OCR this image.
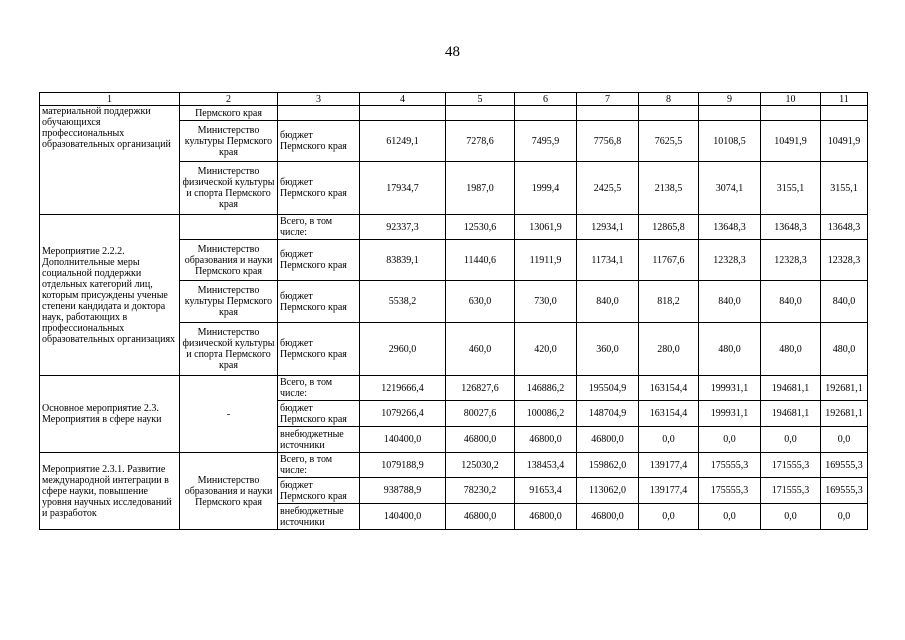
48
1	2	3	4	5	6	7	8	9	10	11
материальной поддержки обучающихся профессиональных образовательных организаций	Пермского края									
	Министерство культуры Пермского края	бюджет Пермского края	61249,1	7278,6	7495,9	7756,8	7625,5	10108,5	10491,9	10491,9
	Министерство физической культуры и спорта Пермского края	бюджет Пермского края	17934,7	1987,0	1999,4	2425,5	2138,5	3074,1	3155,1	3155,1
Мероприятие 2.2.2. Дополнительные меры социальной поддержки отдельных категорий лиц, которым присуждены ученые степени кандидата и доктора наук, работающих в профессиональных образовательных организациях		Всего, в том числе:	92337,3	12530,6	13061,9	12934,1	12865,8	13648,3	13648,3	13648,3
	Министерство образования и науки Пермского края	бюджет Пермского края	83839,1	11440,6	11911,9	11734,1	11767,6	12328,3	12328,3	12328,3
	Министерство культуры Пермского края	бюджет Пермского края	5538,2	630,0	730,0	840,0	818,2	840,0	840,0	840,0
	Министерство физической культуры и спорта Пермского края	бюджет Пермского края	2960,0	460,0	420,0	360,0	280,0	480,0	480,0	480,0
Основное мероприятие 2.3. Мероприятия в сфере науки	-	Всего, в том числе:	1219666,4	126827,6	146886,2	195504,9	163154,4	199931,1	194681,1	192681,1
		бюджет Пермского края	1079266,4	80027,6	100086,2	148704,9	163154,4	199931,1	194681,1	192681,1
		внебюджетные источники	140400,0	46800,0	46800,0	46800,0	0,0	0,0	0,0	0,0
Мероприятие 2.3.1. Развитие международной интеграции в сфере науки, повышение уровня научных исследований и разработок	Министерство образования и науки Пермского края	Всего, в том числе:	1079188,9	125030,2	138453,4	159862,0	139177,4	175555,3	171555,3	169555,3
		бюджет Пермского края	938788,9	78230,2	91653,4	113062,0	139177,4	175555,3	171555,3	169555,3
		внебюджетные источники	140400,0	46800,0	46800,0	46800,0	0,0	0,0	0,0	0,0
